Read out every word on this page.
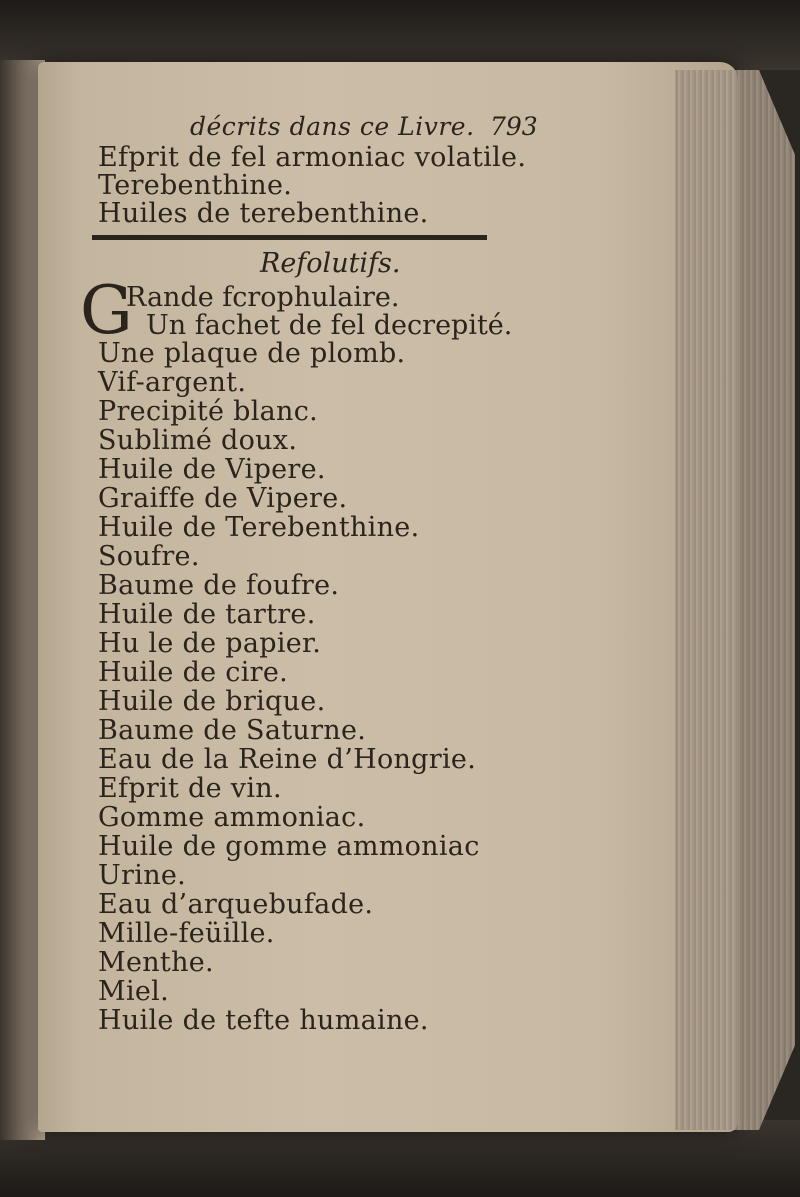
décrits dans ce Livre. 793
Efprit de fel armoniac volatile.
Terebenthine.
Huiles de terebenthine.
Refolutifs.
G
Rande fcrophulaire.
Un fachet de fel decrepité.
Une plaque de plomb.
Vif-argent.
Precipité blanc.
Sublimé doux.
Huile de Vipere.
Graiffe de Vipere.
Huile de Terebenthine.
Soufre.
Baume de foufre.
Huile de tartre.
Hu le de papier.
Huile de cire.
Huile de brique.
Baume de Saturne.
Eau de la Reine d’Hongrie.
Efprit de vin.
Gomme ammoniac.
Huile de gomme ammoniac
Urine.
Eau d’arquebufade.
Mille-feüille.
Menthe.
Miel.
Huile de tefte humaine.
